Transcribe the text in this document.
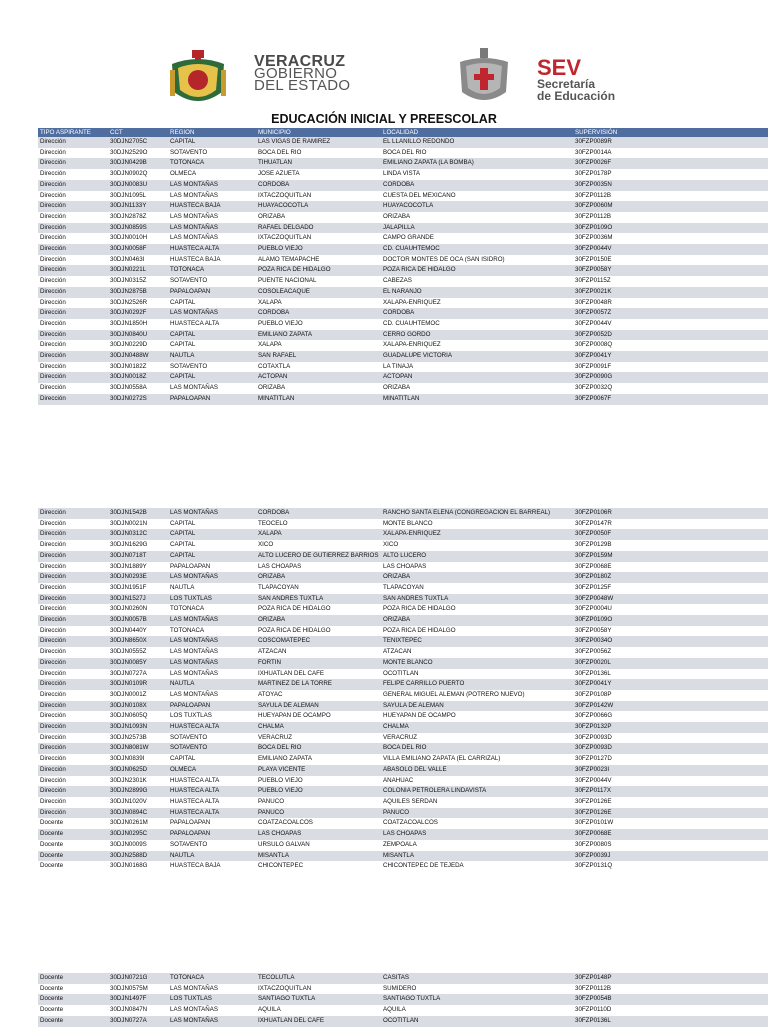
VERACRUZ
GOBIERNO
DEL ESTADO
SEV
Secretaría
de Educación
EDUCACIÓN INICIAL Y PREESCOLAR
TIPO ASPIRANTE	CCT	REGION	MUNICIPIO	LOCALIDAD	SUPERVISIÓN
Dirección	30DJN2705C	CAPITAL	LAS VIGAS DE RAMIREZ	EL LLANILLO REDONDO	30FZP0089R
Dirección	30DJN2529O	SOTAVENTO	BOCA DEL RIO	BOCA DEL RIO	30FZP0014A
Dirección	30DJN0429B	TOTONACA	TIHUATLAN	EMILIANO ZAPATA (LA BOMBA)	30FZP0026F
Dirección	30DJN0902Q	OLMECA	JOSE AZUETA	LINDA VISTA	30FZP0178P
Dirección	30DJN0083U	LAS MONTAÑAS	CORDOBA	CORDOBA	30FZP0035N
Dirección	30DJN1095L	LAS MONTAÑAS	IXTACZOQUITLAN	CUESTA DEL MEXICANO	30FZP0112B
Dirección	30DJN1133Y	HUASTECA BAJA	HUAYACOCOTLA	HUAYACOCOTLA	30FZP0060M
Dirección	30DJN2878Z	LAS MONTAÑAS	ORIZABA	ORIZABA	30FZP0112B
Dirección	30DJN0859S	LAS MONTAÑAS	RAFAEL DELGADO	JALAPILLA	30FZP0109O
Dirección	30DJN0010H	LAS MONTAÑAS	IXTACZOQUITLAN	CAMPO GRANDE	30FZP0036M
Dirección	30DJN0058F	HUASTECA ALTA	PUEBLO VIEJO	CD. CUAUHTEMOC	30FZP0044V
Dirección	30DJN0463I	HUASTECA BAJA	ALAMO TEMAPACHE	DOCTOR MONTES DE OCA (SAN ISIDRO)	30FZP0150E
Dirección	30DJN0221L	TOTONACA	POZA RICA DE HIDALGO	POZA RICA DE HIDALGO	30FZP0058Y
Dirección	30DJN0315Z	SOTAVENTO	PUENTE NACIONAL	CABEZAS	30FZP0115Z
Dirección	30DJN2875B	PAPALOAPAN	COSOLEACAQUE	EL NARANJO	30FZP0021K
Dirección	30DJN2526R	CAPITAL	XALAPA	XALAPA-ENRIQUEZ	30FZP0048R
Dirección	30DJN0292F	LAS MONTAÑAS	CORDOBA	CORDOBA	30FZP0057Z
Dirección	30DJN1850H	HUASTECA ALTA	PUEBLO VIEJO	CD. CUAUHTEMOC	30FZP0044V
Dirección	30DJN0840U	CAPITAL	EMILIANO ZAPATA	CERRO GORDO	30FZP0052D
Dirección	30DJN0229D	CAPITAL	XALAPA	XALAPA-ENRIQUEZ	30FZP0008Q
Dirección	30DJN0488W	NAUTLA	SAN RAFAEL	GUADALUPE VICTORIA	30FZP0041Y
Dirección	30DJN0182Z	SOTAVENTO	COTAXTLA	LA TINAJA	30FZP0091F
Dirección	30DJN0018Z	CAPITAL	ACTOPAN	ACTOPAN	30FZP0090G
Dirección	30DJN0558A	LAS MONTAÑAS	ORIZABA	ORIZABA	30FZP0032Q
Dirección	30DJN0272S	PAPALOAPAN	MINATITLAN	MINATITLAN	30FZP0067F
Dirección	30DJN1542B	LAS MONTAÑAS	CORDOBA	RANCHO SANTA ELENA (CONGREGACION EL BARREAL)	30FZP0106R
Dirección	30DJN0021N	CAPITAL	TEOCELO	MONTE BLANCO	30FZP0147R
Dirección	30DJN0312C	CAPITAL	XALAPA	XALAPA-ENRIQUEZ	30FZP0050F
Dirección	30DJN1629G	CAPITAL	XICO	XICO	30FZP0129B
Dirección	30DJN0718T	CAPITAL	ALTO LUCERO DE GUTIERREZ BARRIOS	ALTO LUCERO	30FZP0159M
Dirección	30DJN1889Y	PAPALOAPAN	LAS CHOAPAS	LAS CHOAPAS	30FZP0068E
Dirección	30DJN0293E	LAS MONTAÑAS	ORIZABA	ORIZABA	30FZP0180Z
Dirección	30DJN1951F	NAUTLA	TLAPACOYAN	TLAPACOYAN	30FZP0125F
Dirección	30DJN1527J	LOS TUXTLAS	SAN ANDRES TUXTLA	SAN ANDRES TUXTLA	30FZP0048W
Dirección	30DJN0260N	TOTONACA	POZA RICA DE HIDALGO	POZA RICA DE HIDALGO	30FZP0004U
Dirección	30DJN0057B	LAS MONTAÑAS	ORIZABA	ORIZABA	30FZP0109O
Dirección	30DJN0440Y	TOTONACA	POZA RICA DE HIDALGO	POZA RICA DE HIDALGO	30FZP0058Y
Dirección	30DJN8650X	LAS MONTAÑAS	COSCOMATEPEC	TENIXTEPEC	30FZP0034O
Dirección	30DJN0555Z	LAS MONTAÑAS	ATZACAN	ATZACAN	30FZP0056Z
Dirección	30DJN0085Y	LAS MONTAÑAS	FORTIN	MONTE BLANCO	30FZP0020L
Dirección	30DJN0727A	LAS MONTAÑAS	IXHUATLAN DEL CAFE	OCOTITLAN	30FZP0136L
Dirección	30DJN0109R	NAUTLA	MARTINEZ DE LA TORRE	FELIPE CARRILLO PUERTO	30FZP0041Y
Dirección	30DJN0001Z	LAS MONTAÑAS	ATOYAC	GENERAL MIGUEL ALEMAN (POTRERO NUEVO)	30FZP0108P
Dirección	30DJN0108X	PAPALOAPAN	SAYULA DE ALEMAN	SAYULA DE ALEMAN	30FZP0142W
Dirección	30DJN0605Q	LOS TUXTLAS	HUEYAPAN DE OCAMPO	HUEYAPAN DE OCAMPO	30FZP0066G
Dirección	30DJN1093N	HUASTECA ALTA	CHALMA	CHALMA	30FZP0132P
Dirección	30DJN2573B	SOTAVENTO	VERACRUZ	VERACRUZ	30FZP0093D
Dirección	30DJN8081W	SOTAVENTO	BOCA DEL RIO	BOCA DEL RIO	30FZP0093D
Dirección	30DJN0839I	CAPITAL	EMILIANO ZAPATA	VILLA EMILIANO ZAPATA (EL CARRIZAL)	30FZP0127D
Dirección	30DJN0625D	OLMECA	PLAYA VICENTE	ABASOLO DEL VALLE	30FZP0023I
Dirección	30DJN2301K	HUASTECA ALTA	PUEBLO VIEJO	ANAHUAC	30FZP0044V
Dirección	30DJN2899G	HUASTECA ALTA	PUEBLO VIEJO	COLONIA PETROLERA LINDAVISTA	30FZP0117X
Dirección	30DJN1020V	HUASTECA ALTA	PANUCO	AQUILES SERDAN	30FZP0126E
Dirección	30DJN0894C	HUASTECA ALTA	PANUCO	PANUCO	30FZP0126E
Docente	30DJN0261M	PAPALOAPAN	COATZACOALCOS	COATZACOALCOS	30FZP0101W
Docente	30DJN0295C	PAPALOAPAN	LAS CHOAPAS	LAS CHOAPAS	30FZP0068E
Docente	30DJN0009S	SOTAVENTO	URSULO GALVAN	ZEMPOALA	30FZP0080S
Docente	30DJN2588D	NAUTLA	MISANTLA	MISANTLA	30FZP0039J
Docente	30DJN0168G	HUASTECA BAJA	CHICONTEPEC	CHICONTEPEC DE TEJEDA	30FZP0131Q
Docente	30DJN0721G	TOTONACA	TECOLUTLA	CASITAS	30FZP0148P
Docente	30DJN0575M	LAS MONTAÑAS	IXTACZOQUITLAN	SUMIDERO	30FZP0112B
Docente	30DJN1497F	LOS TUXTLAS	SANTIAGO TUXTLA	SANTIAGO TUXTLA	30FZP0054B
Docente	30DJN0847N	LAS MONTAÑAS	AQUILA	AQUILA	30FZP0110D
Docente	30DJN0727A	LAS MONTAÑAS	IXHUATLAN DEL CAFE	OCOTITLAN	30FZP0136L
